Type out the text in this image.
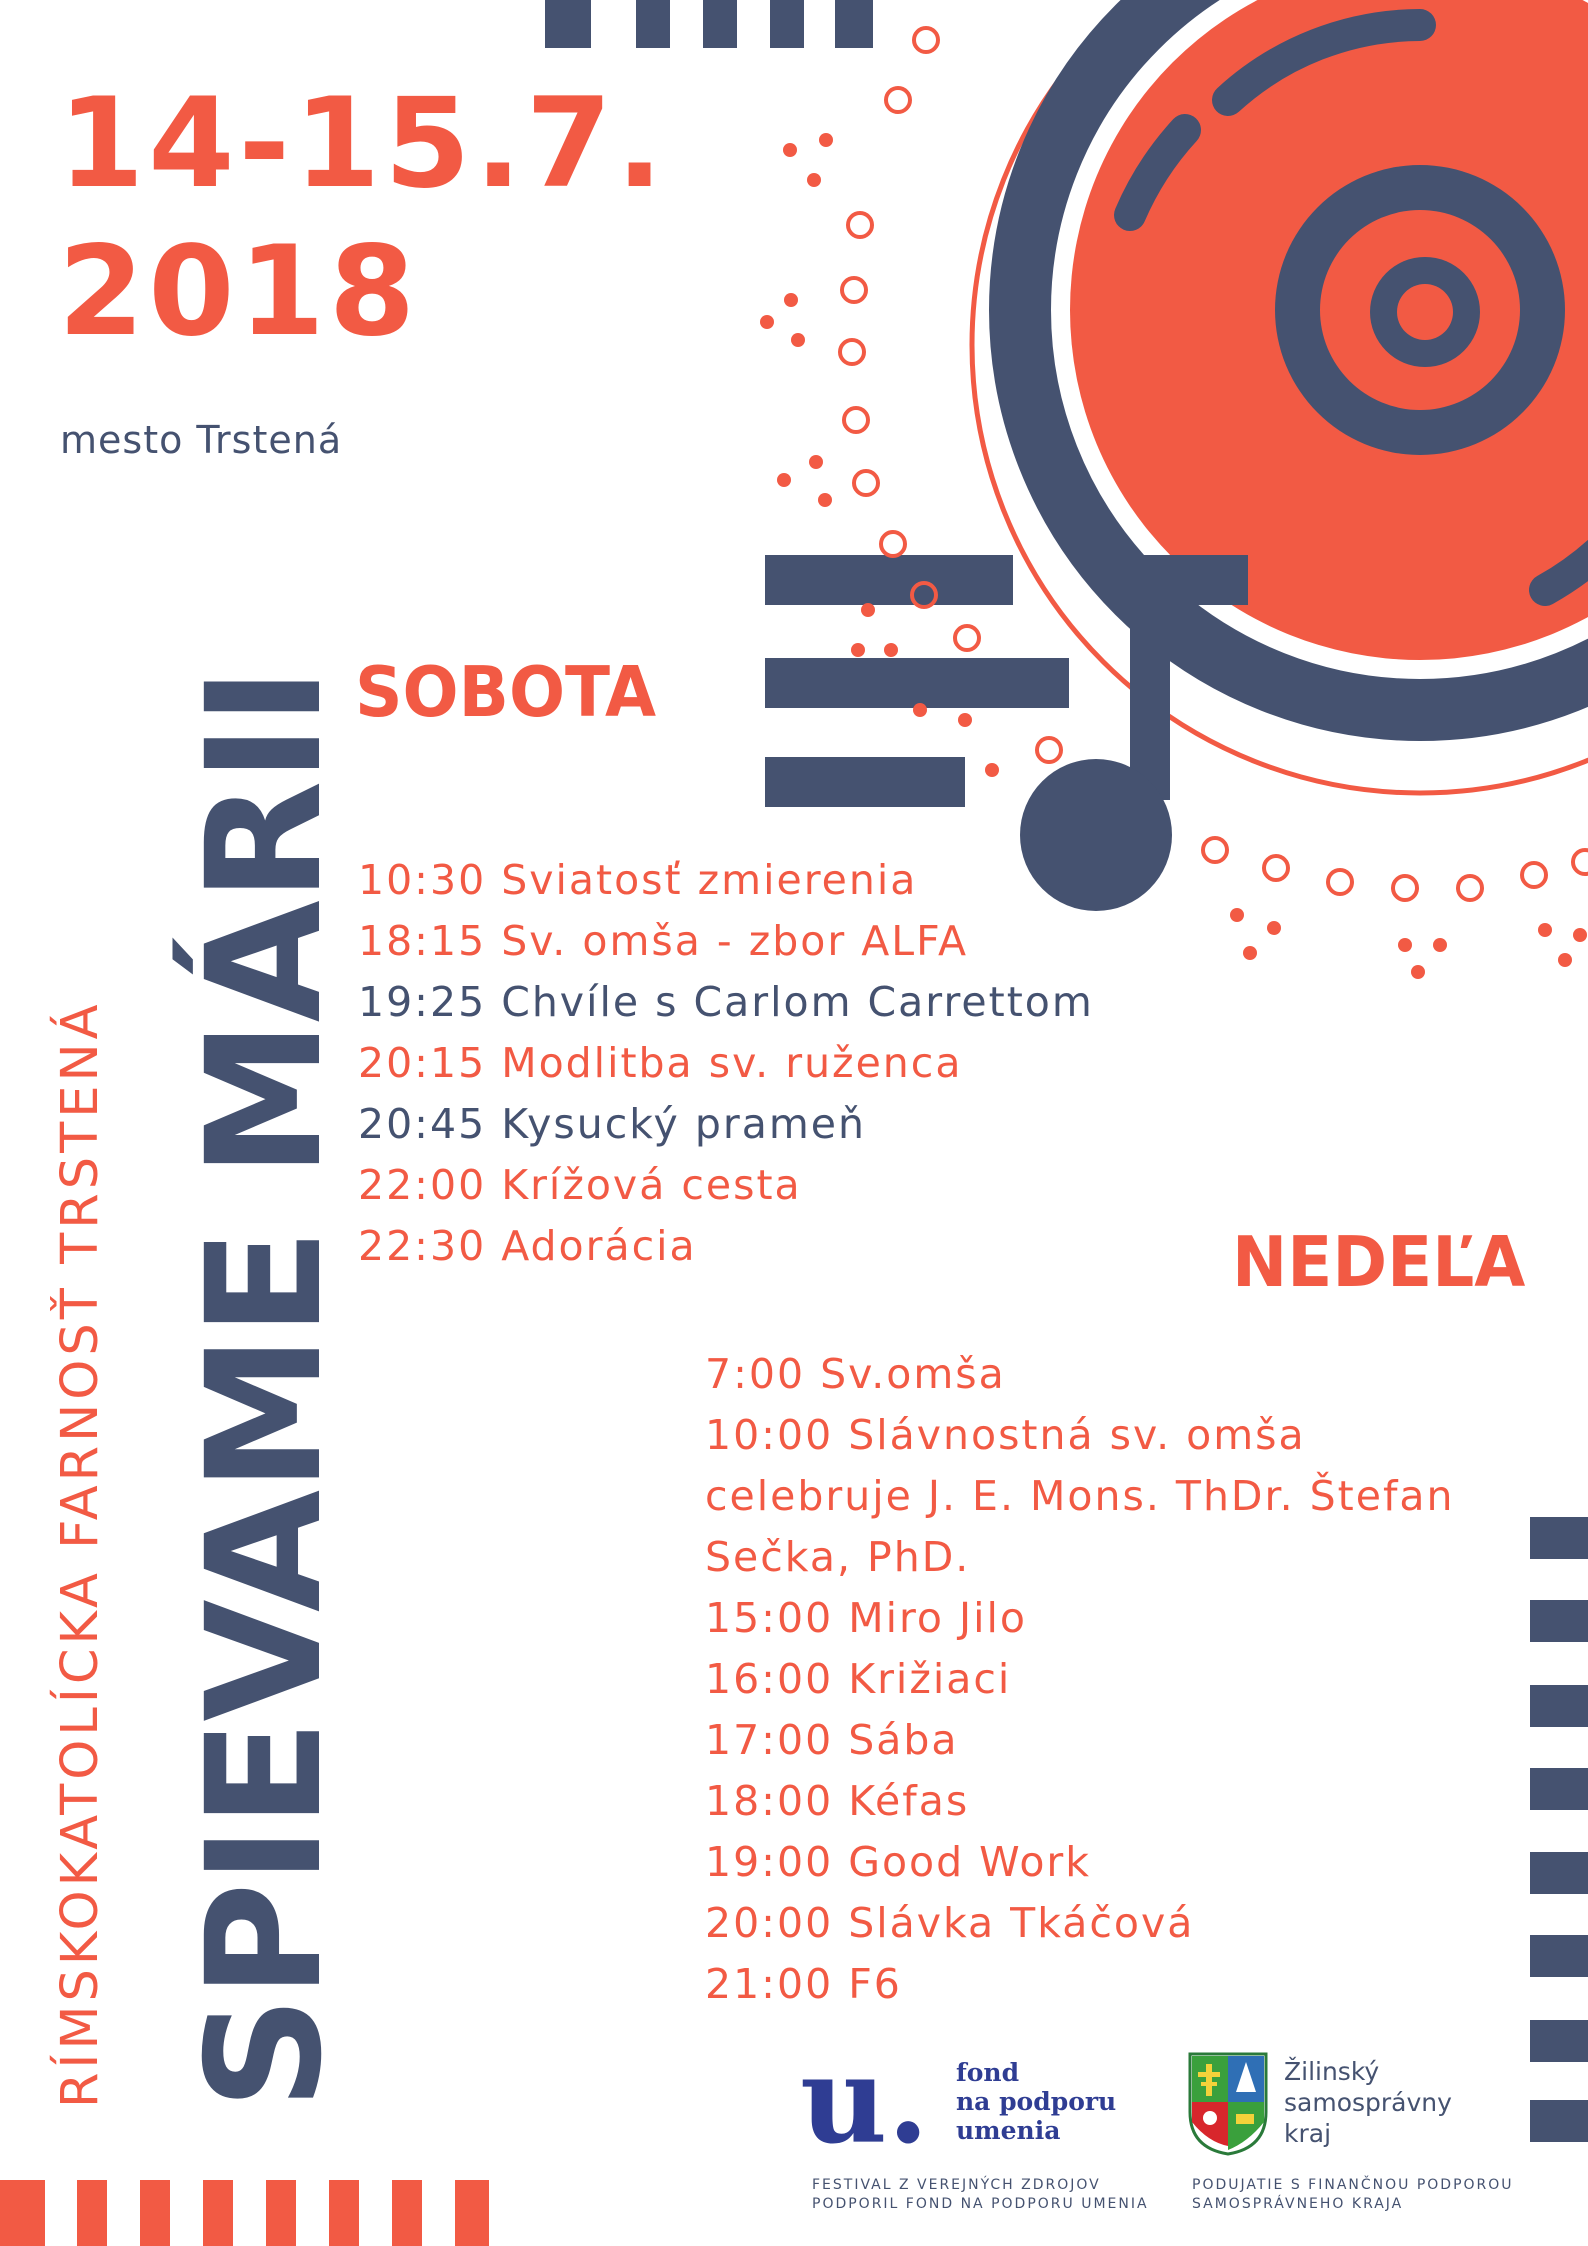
14-15.7.
2018
mesto Trstená
RÍMSKOKATOLÍCKA FARNOSŤ TRSTENÁ SPIEVAME MÁRII
SOBOTA
10:30 Sviatosť zmierenia
18:15 Sv. omša - zbor ALFA
19:25 Chvíle s Carlom Carrettom
20:15 Modlitba sv. ruženca
20:45 Kysucký prameň
22:00 Krížová cesta
22:30 Adorácia	NEDEĽA
7:00 Sv.omša
10:00 Slávnostná sv. omša
celebruje J. E. Mons. ThDr. Štefan
Sečka, PhD.
15:00 Miro Jilo
16:00 Križiaci
17:00 Sába
18:00 Kéfas
19:00 Good Work
20:00 Slávka Tkáčová
21:00 F6
u. fond
na podporu
umenia
FESTIVAL Z VEREJNÝCH ZDROJOV
PODPORIL FOND NA PODPORU UMENIA
Žilinský
samosprávny
kraj
PODUJATIE S FINANČNOU PODPOROU
SAMOSPRÁVNEHO KRAJA
